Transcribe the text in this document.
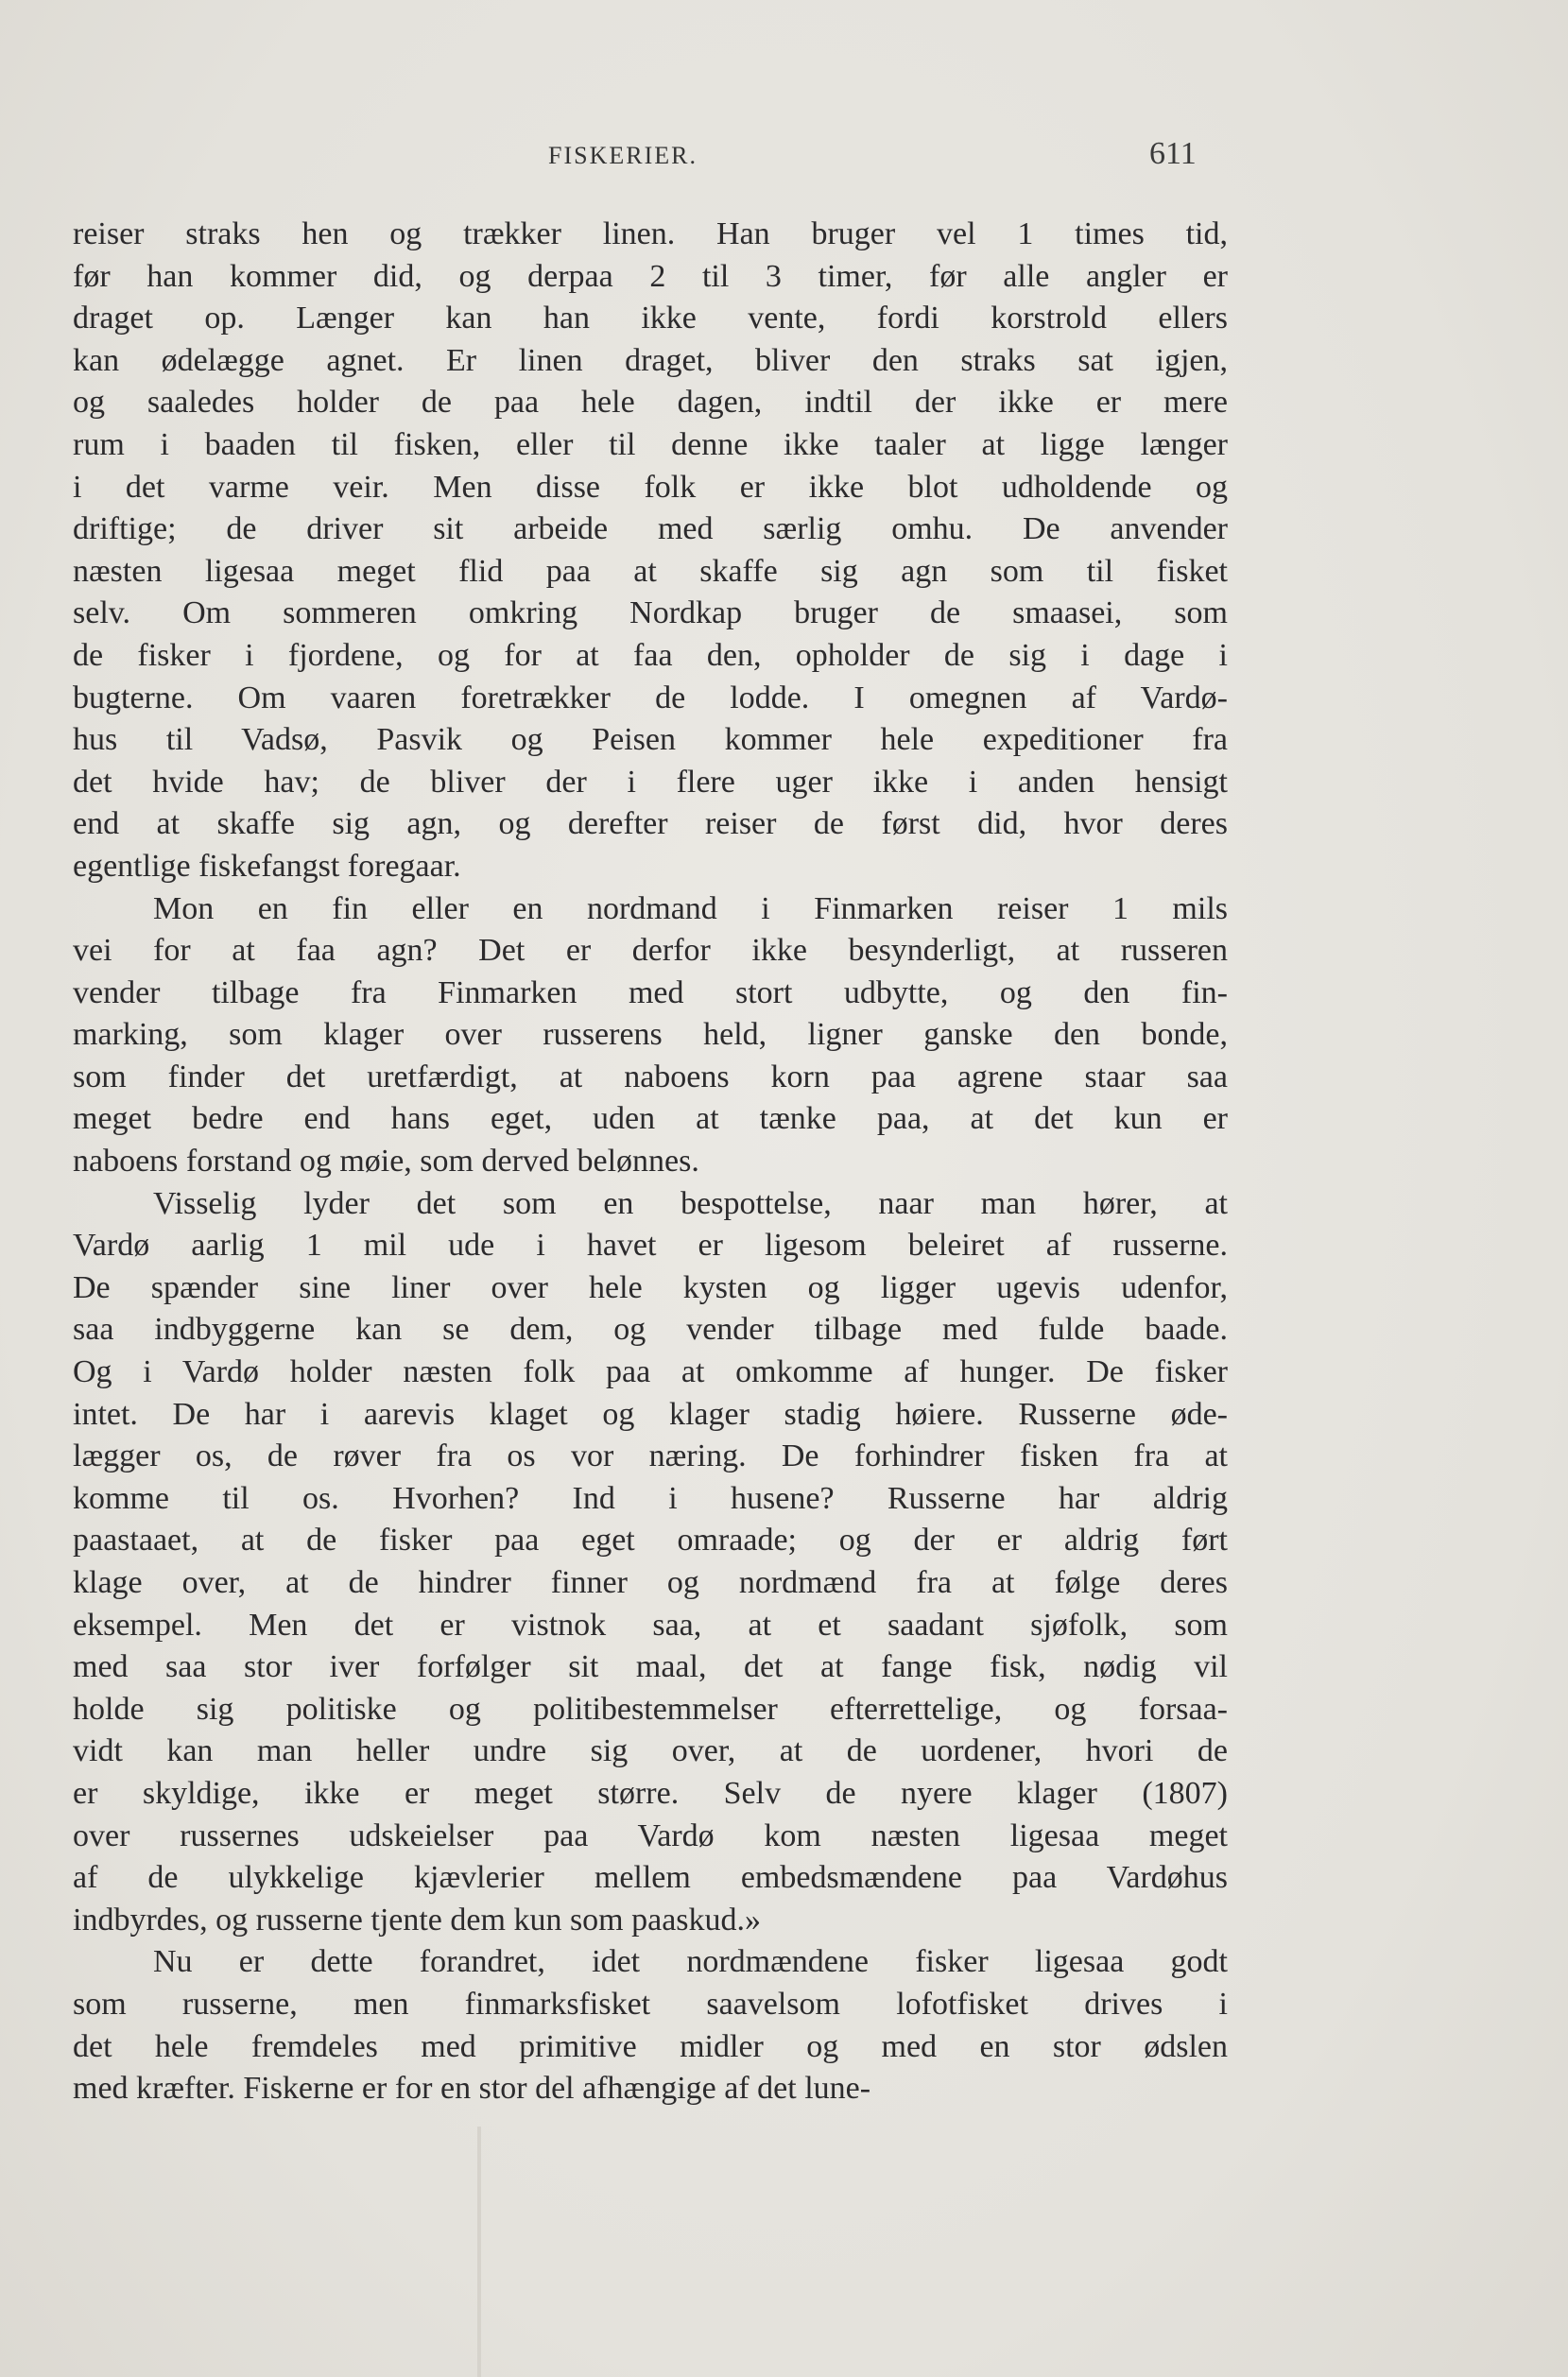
FISKERIER.	611
reiser straks hen og trækker linen. Han bruger vel 1 times tid,
før han kommer did, og derpaa 2 til 3 timer, før alle angler er
draget op. Længer kan han ikke vente, fordi korstrold ellers
kan ødelægge agnet. Er linen draget, bliver den straks sat igjen,
og saaledes holder de paa hele dagen, indtil der ikke er mere
rum i baaden til fisken, eller til denne ikke taaler at ligge længer
i det varme veir. Men disse folk er ikke blot udholdende og
driftige; de driver sit arbeide med særlig omhu. De anvender
næsten ligesaa meget flid paa at skaffe sig agn som til fisket
selv. Om sommeren omkring Nordkap bruger de smaasei, som
de fisker i fjordene, og for at faa den, opholder de sig i dage i
bugterne. Om vaaren foretrækker de lodde. I omegnen af Vardø-
hus til Vadsø, Pasvik og Peisen kommer hele expeditioner fra
det hvide hav; de bliver der i flere uger ikke i anden hensigt
end at skaffe sig agn, og derefter reiser de først did, hvor deres
egentlige fiskefangst foregaar.
Mon en fin eller en nordmand i Finmarken reiser 1 mils
vei for at faa agn? Det er derfor ikke besynderligt, at russeren
vender tilbage fra Finmarken med stort udbytte, og den fin-
marking, som klager over russerens held, ligner ganske den bonde,
som finder det uretfærdigt, at naboens korn paa agrene staar saa
meget bedre end hans eget, uden at tænke paa, at det kun er
naboens forstand og møie, som derved belønnes.
Visselig lyder det som en bespottelse, naar man hører, at
Vardø aarlig 1 mil ude i havet er ligesom beleiret af russerne.
De spænder sine liner over hele kysten og ligger ugevis udenfor,
saa indbyggerne kan se dem, og vender tilbage med fulde baade.
Og i Vardø holder næsten folk paa at omkomme af hunger. De fisker
intet. De har i aarevis klaget og klager stadig høiere. Russerne øde-
lægger os, de røver fra os vor næring. De forhindrer fisken fra at
komme til os. Hvorhen? Ind i husene? Russerne har aldrig
paastaaet, at de fisker paa eget omraade; og der er aldrig ført
klage over, at de hindrer finner og nordmænd fra at følge deres
eksempel. Men det er vistnok saa, at et saadant sjøfolk, som
med saa stor iver forfølger sit maal, det at fange fisk, nødig vil
holde sig politiske og politibestemmelser efterrettelige, og forsaa-
vidt kan man heller undre sig over, at de uordener, hvori de
er skyldige, ikke er meget større. Selv de nyere klager (1807)
over russernes udskeielser paa Vardø kom næsten ligesaa meget
af de ulykkelige kjævlerier mellem embedsmændene paa Vardøhus
indbyrdes, og russerne tjente dem kun som paaskud.»
Nu er dette forandret, idet nordmændene fisker ligesaa godt
som russerne, men finmarksfisket saavelsom lofotfisket drives i
det hele fremdeles med primitive midler og med en stor ødslen
med kræfter. Fiskerne er for en stor del afhængige af det lune-
